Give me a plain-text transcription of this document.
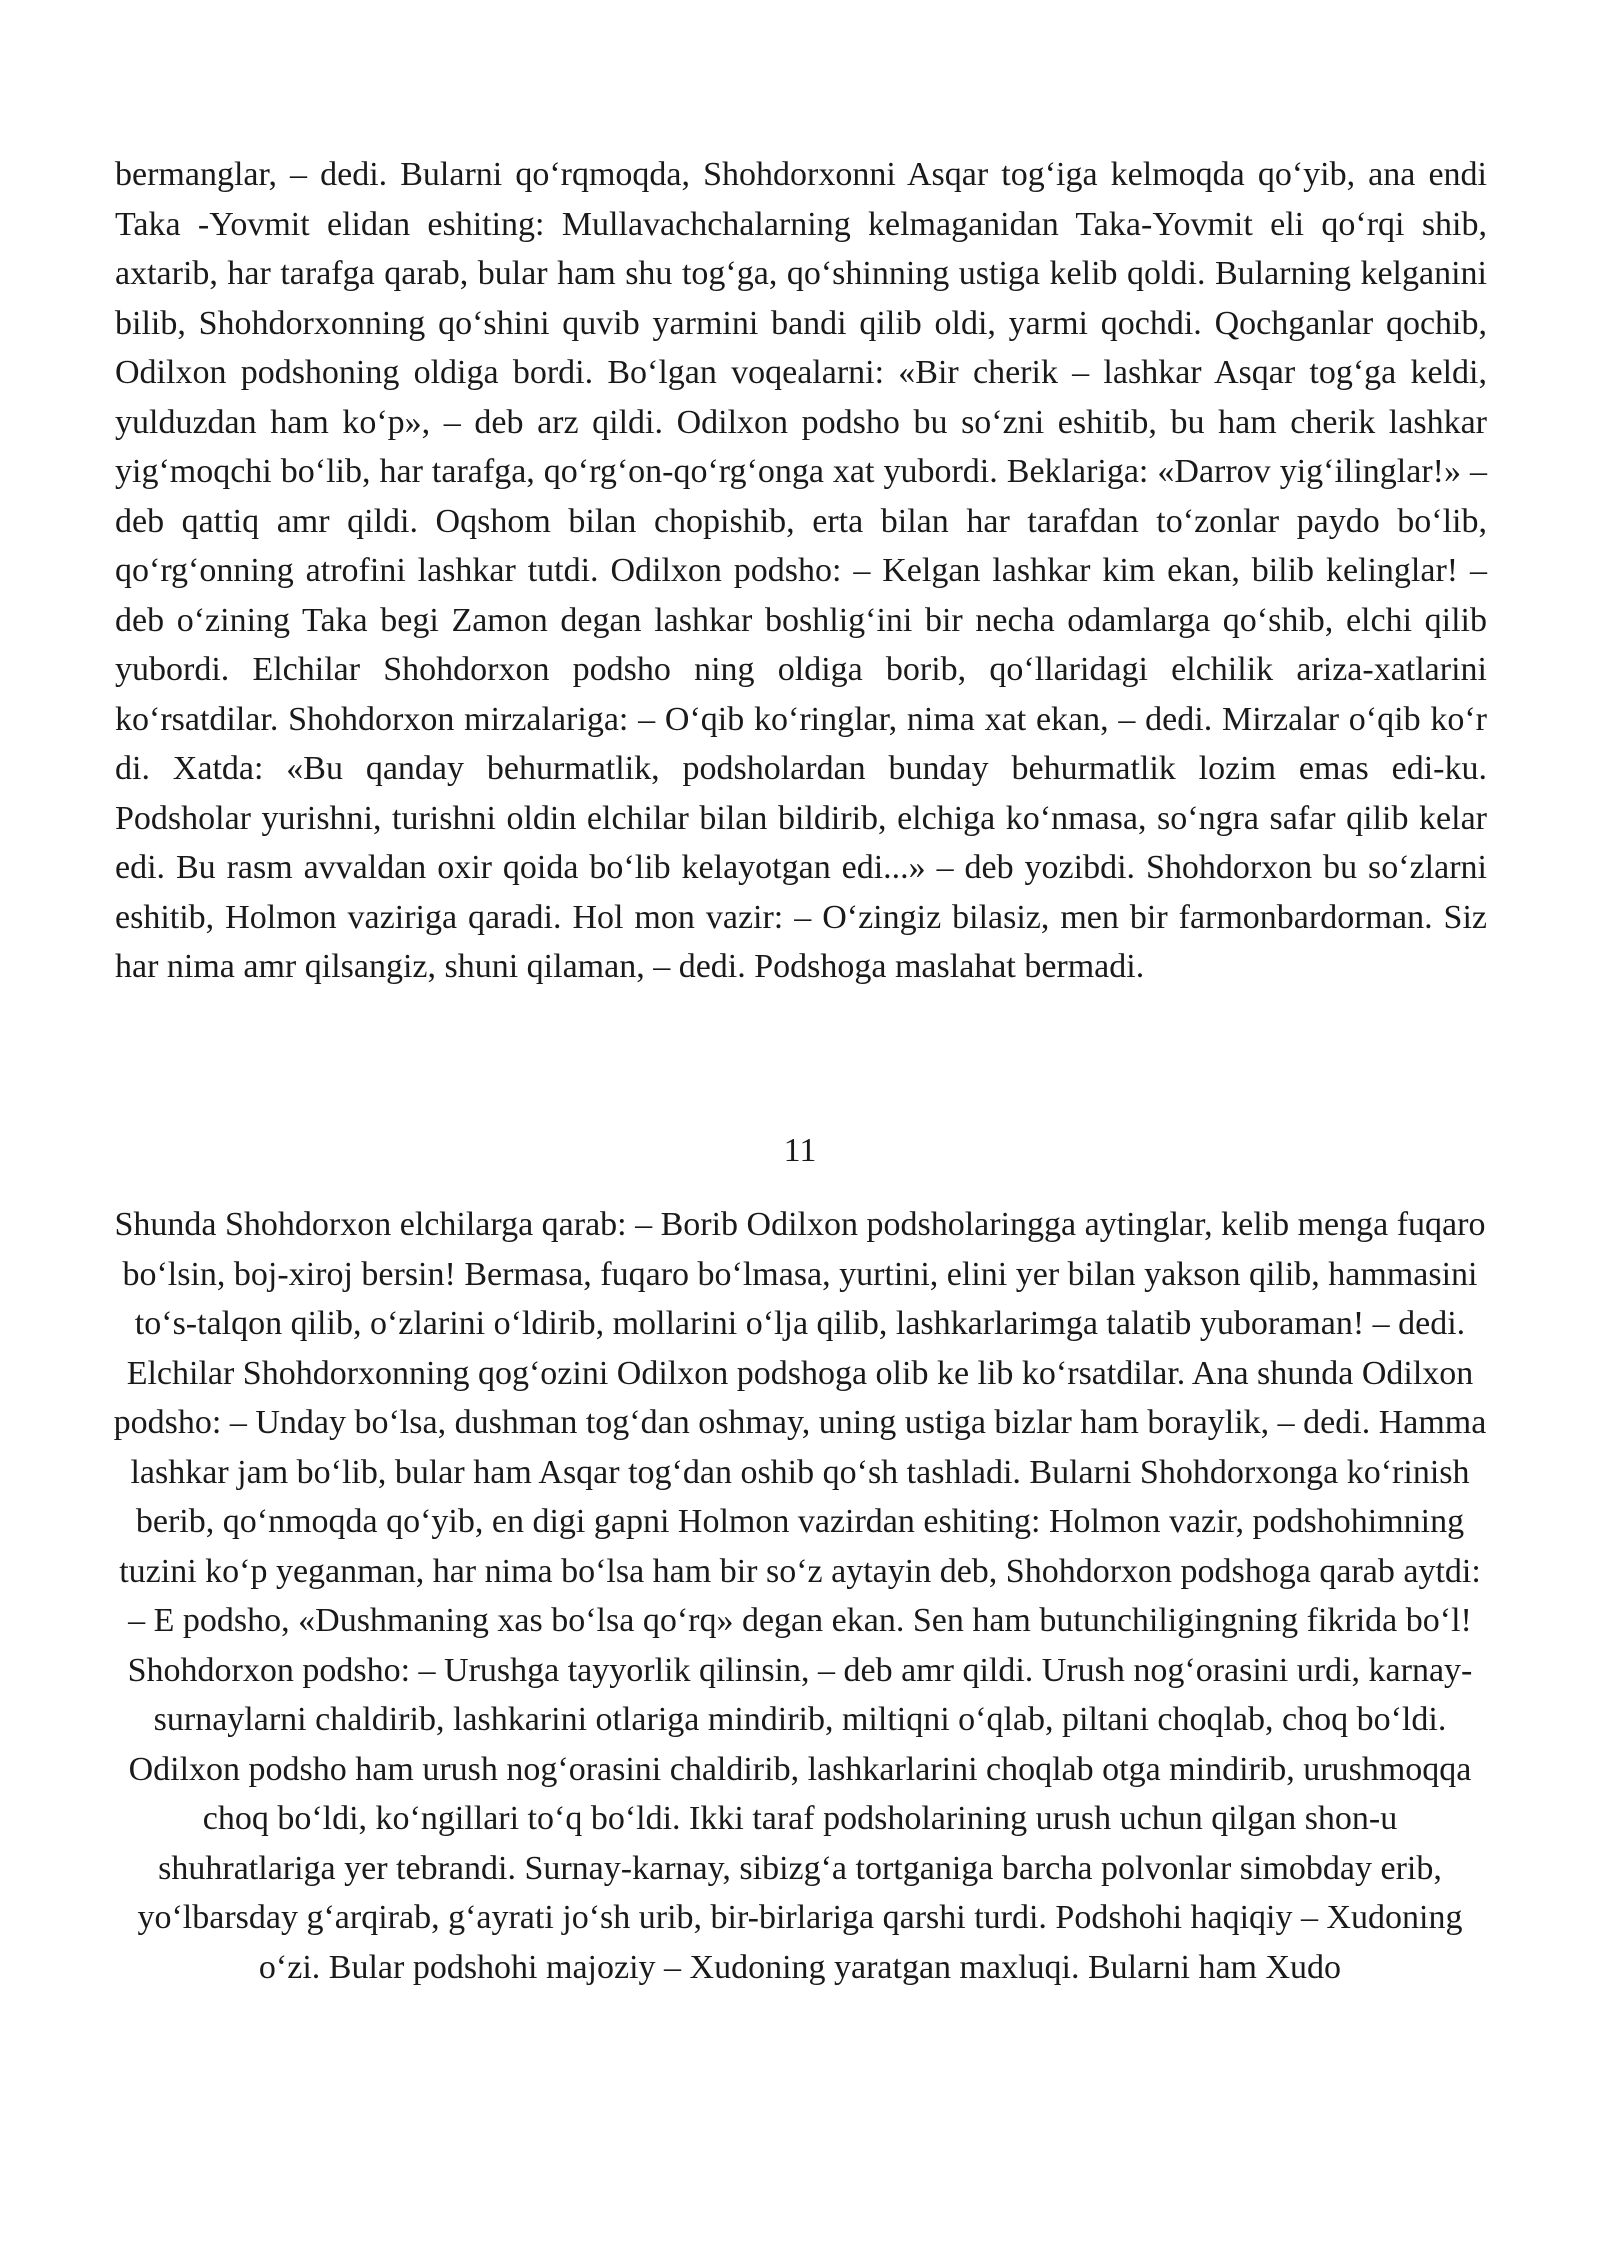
bermanglar, – dedi. Bularni qo‘rqmoqda, Shohdorxonni Asqar tog‘iga kelmoqda qo‘yib, ana endi Taka -Yovmit elidan eshiting: Mullavachchalarning kelmaganidan Taka-Yovmit eli qo‘rqi shib, axtarib, har tarafga qarab, bular ham shu tog‘ga, qo‘shinning ustiga kelib qoldi. Bularning kelganini bilib, Shohdorxonning qo‘shini quvib yarmini bandi qilib oldi, yarmi qochdi. Qochganlar qochib, Odilxon podshoning oldiga bordi. Bo‘lgan voqealarni: «Bir cherik – lashkar Asqar tog‘ga keldi, yulduzdan ham ko‘p», – deb arz qildi. Odilxon podsho bu so‘zni eshitib, bu ham cherik lashkar yig‘moqchi bo‘lib, har tarafga, qo‘rg‘on-qo‘rg‘onga xat yubordi. Beklariga: «Darrov yig‘ilinglar!» – deb qattiq amr qildi. Oqshom bilan chopishib, erta bilan har tarafdan to‘zonlar paydo bo‘lib, qo‘rg‘onning atrofini lashkar tutdi. Odilxon podsho: – Kelgan lashkar kim ekan, bilib kelinglar! – deb o‘zining Taka begi Zamon degan lashkar boshlig‘ini bir necha odamlarga qo‘shib, elchi qilib yubordi. Elchilar Shohdorxon podsho ning oldiga borib, qo‘llaridagi elchilik ariza-xatlarini ko‘rsatdilar. Shohdorxon mirzalariga: – O‘qib ko‘ringlar, nima xat ekan, – dedi. Mirzalar o‘qib ko‘r di. Xatda: «Bu qanday behurmatlik, podsholardan bunday behurmatlik lozim emas edi-ku. Podsholar yurishni, turishni oldin elchilar bilan bildirib, elchiga ko‘nmasa, so‘ngra safar qilib kelar edi. Bu rasm avvaldan oxir qoida bo‘lib kelayotgan edi...» – deb yozibdi. Shohdorxon bu so‘zlarni eshitib, Holmon vaziriga qaradi. Hol mon vazir: – O‘zingiz bilasiz, men bir farmonbardorman. Siz har nima amr qilsangiz, shuni qilaman, – dedi. Podshoga maslahat bermadi.

11

Shunda Shohdorxon elchilarga qarab: – Borib Odilxon podsholaringga aytinglar, kelib menga fuqaro bo‘lsin, boj-xiroj bersin! Bermasa, fuqaro bo‘lmasa, yurtini, elini yer bilan yakson qilib, hammasini to‘s-talqon qilib, o‘zlarini o‘ldirib, mollarini o‘lja qilib, lashkarlarimga talatib yuboraman! – dedi. Elchilar Shohdorxonning qog‘ozini Odilxon podshoga olib ke lib ko‘rsatdilar. Ana shunda Odilxon podsho: – Unday bo‘lsa, dushman tog‘dan oshmay, uning ustiga bizlar ham boraylik, – dedi. Hamma lashkar jam bo‘lib, bular ham Asqar tog‘dan oshib qo‘sh tashladi. Bularni Shohdorxonga ko‘rinish berib, qo‘nmoqda qo‘yib, en digi gapni Holmon vazirdan eshiting: Holmon vazir, podshohimning tuzini ko‘p yeganman, har nima bo‘lsa ham bir so‘z aytayin deb, Shohdorxon podshoga qarab aytdi: – E podsho, «Dushmaning xas bo‘lsa qo‘rq» degan ekan. Sen ham butunchiligingning fikrida bo‘l! Shohdorxon podsho: – Urushga tayyorlik qilinsin, – deb amr qildi. Urush nog‘orasini urdi, karnay-surnaylarni chaldirib, lashkarini otlariga mindirib, miltiqni o‘qlab, piltani choqlab, choq bo‘ldi. Odilxon podsho ham urush nog‘orasini chaldirib, lashkarlarini choqlab otga mindirib, urushmoqqa choq bo‘ldi, ko‘ngillari to‘q bo‘ldi. Ikki taraf podsholarining urush uchun qilgan shon-u shuhratlariga yer tebrandi. Surnay-karnay, sibizg‘a tortganiga barcha polvonlar simobday erib, yo‘lbarsday g‘arqirab, g‘ayrati jo‘sh urib, bir-birlariga qarshi turdi. Podshohi haqiqiy – Xudoning o‘zi. Bular podshohi majoziy – Xudoning yaratgan maxluqi. Bularni ham Xudo
